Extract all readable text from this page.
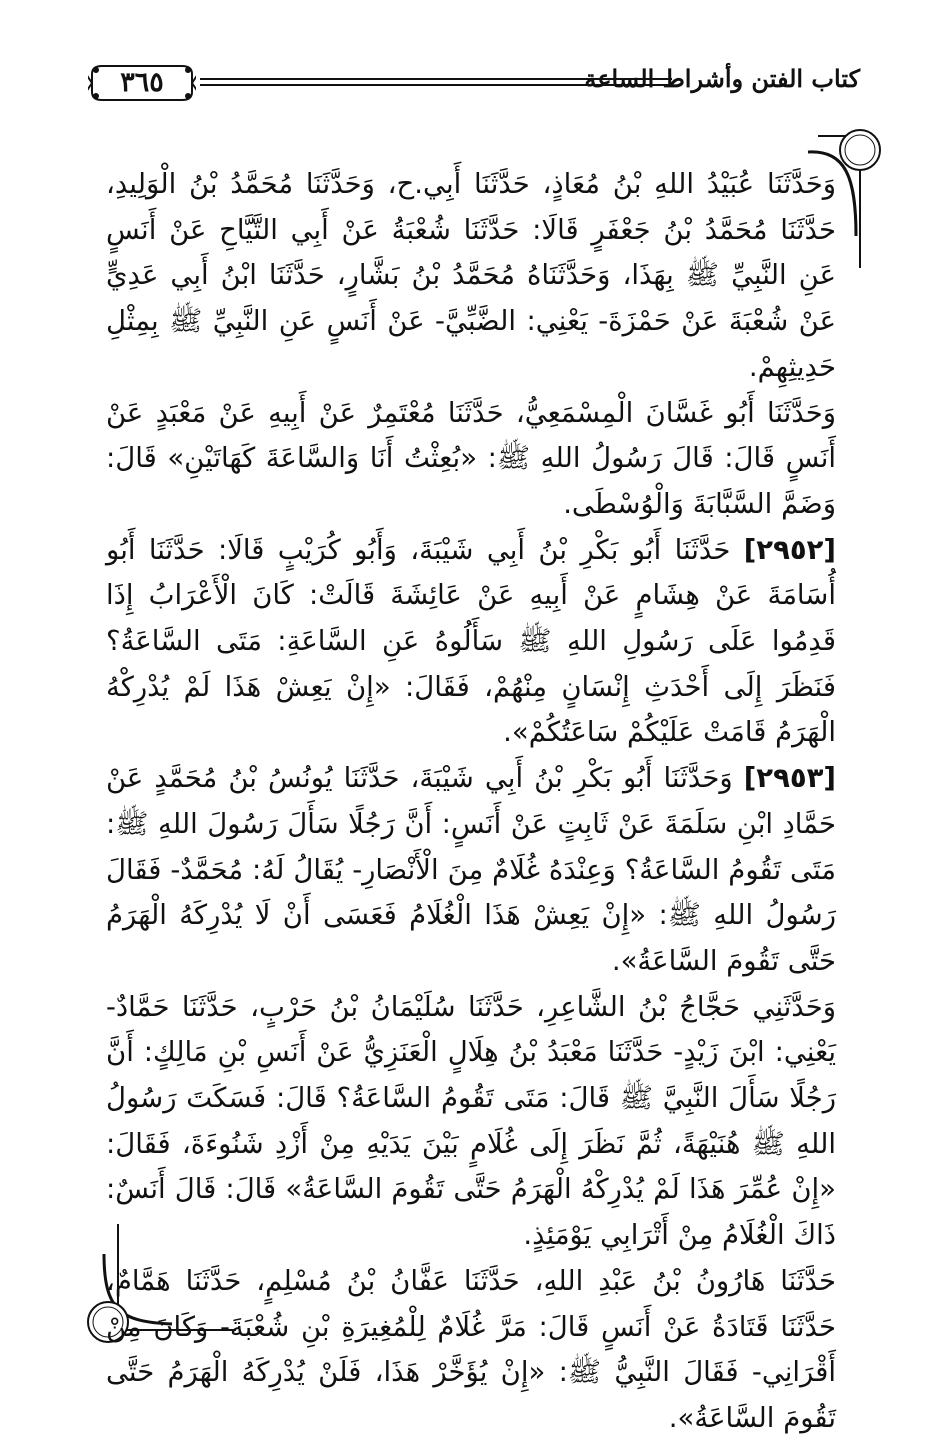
٣٦٥	كتاب الفتن وأشراط الساعة

وَحَدَّثَنَا عُبَيْدُ اللهِ بْنُ مُعَاذٍ، حَدَّثَنَا أَبِي.ح، وَحَدَّثَنَا مُحَمَّدُ بْنُ الْوَلِيدِ، حَدَّثَنَا مُحَمَّدُ بْنُ جَعْفَرٍ قَالَا: حَدَّثَنَا شُعْبَةُ عَنْ أَبِي التَّيَّاحِ عَنْ أَنَسٍ عَنِ النَّبِيِّ ﷺ بِهَذَا، وَحَدَّثَنَاهُ مُحَمَّدُ بْنُ بَشَّارٍ، حَدَّثَنَا ابْنُ أَبِي عَدِيٍّ عَنْ شُعْبَةَ عَنْ حَمْزَةَ- يَعْنِي: الضَّبِّيَّ- عَنْ أَنَسٍ عَنِ النَّبِيِّ ﷺ بِمِثْلِ حَدِيثِهِمْ.

وَحَدَّثَنَا أَبُو غَسَّانَ الْمِسْمَعِيُّ، حَدَّثَنَا مُعْتَمِرٌ عَنْ أَبِيهِ عَنْ مَعْبَدٍ عَنْ أَنَسٍ قَالَ: قَالَ رَسُولُ اللهِ ﷺ: «بُعِثْتُ أَنَا وَالسَّاعَةَ كَهَاتَيْنِ» قَالَ: وَضَمَّ السَّبَّابَةَ وَالْوُسْطَى.

[٢٩٥٢] حَدَّثَنَا أَبُو بَكْرِ بْنُ أَبِي شَيْبَةَ، وَأَبُو كُرَيْبٍ قَالَا: حَدَّثَنَا أَبُو أُسَامَةَ عَنْ هِشَامٍ عَنْ أَبِيهِ عَنْ عَائِشَةَ قَالَتْ: كَانَ الْأَعْرَابُ إِذَا قَدِمُوا عَلَى رَسُولِ اللهِ ﷺ سَأَلُوهُ عَنِ السَّاعَةِ: مَتَى السَّاعَةُ؟ فَنَظَرَ إِلَى أَحْدَثِ إِنْسَانٍ مِنْهُمْ، فَقَالَ: «إِنْ يَعِشْ هَذَا لَمْ يُدْرِكْهُ الْهَرَمُ قَامَتْ عَلَيْكُمْ سَاعَتُكُمْ».

[٢٩٥٣] وَحَدَّثَنَا أَبُو بَكْرِ بْنُ أَبِي شَيْبَةَ، حَدَّثَنَا يُونُسُ بْنُ مُحَمَّدٍ عَنْ حَمَّادِ ابْنِ سَلَمَةَ عَنْ ثَابِتٍ عَنْ أَنَسٍ: أَنَّ رَجُلًا سَأَلَ رَسُولَ اللهِ ﷺ: مَتَى تَقُومُ السَّاعَةُ؟ وَعِنْدَهُ غُلَامٌ مِنَ الْأَنْصَارِ- يُقَالُ لَهُ: مُحَمَّدٌ- فَقَالَ رَسُولُ اللهِ ﷺ: «إِنْ يَعِشْ هَذَا الْغُلَامُ فَعَسَى أَنْ لَا يُدْرِكَهُ الْهَرَمُ حَتَّى تَقُومَ السَّاعَةُ».

وَحَدَّثَنِي حَجَّاجُ بْنُ الشَّاعِرِ، حَدَّثَنَا سُلَيْمَانُ بْنُ حَرْبٍ، حَدَّثَنَا حَمَّادٌ- يَعْنِي: ابْنَ زَيْدٍ- حَدَّثَنَا مَعْبَدُ بْنُ هِلَالٍ الْعَنَزِيُّ عَنْ أَنَسِ بْنِ مَالِكٍ: أَنَّ رَجُلًا سَأَلَ النَّبِيَّ ﷺ قَالَ: مَتَى تَقُومُ السَّاعَةُ؟ قَالَ: فَسَكَتَ رَسُولُ اللهِ ﷺ هُنَيْهَةً، ثُمَّ نَظَرَ إِلَى غُلَامٍ بَيْنَ يَدَيْهِ مِنْ أَزْدِ شَنُوءَةَ، فَقَالَ: «إِنْ عُمِّرَ هَذَا لَمْ يُدْرِكْهُ الْهَرَمُ حَتَّى تَقُومَ السَّاعَةُ» قَالَ: قَالَ أَنَسٌ: ذَاكَ الْغُلَامُ مِنْ أَتْرَابِي يَوْمَئِذٍ.

حَدَّثَنَا هَارُونُ بْنُ عَبْدِ اللهِ، حَدَّثَنَا عَفَّانُ بْنُ مُسْلِمٍ، حَدَّثَنَا هَمَّامٌ، حَدَّثَنَا قَتَادَةُ عَنْ أَنَسٍ قَالَ: مَرَّ غُلَامٌ لِلْمُغِيرَةِ بْنِ شُعْبَةَ- وَكَانَ مِنْ أَقْرَانِي- فَقَالَ النَّبِيُّ ﷺ: «إِنْ يُؤَخَّرْ هَذَا، فَلَنْ يُدْرِكَهُ الْهَرَمُ حَتَّى تَقُومَ السَّاعَةُ».
